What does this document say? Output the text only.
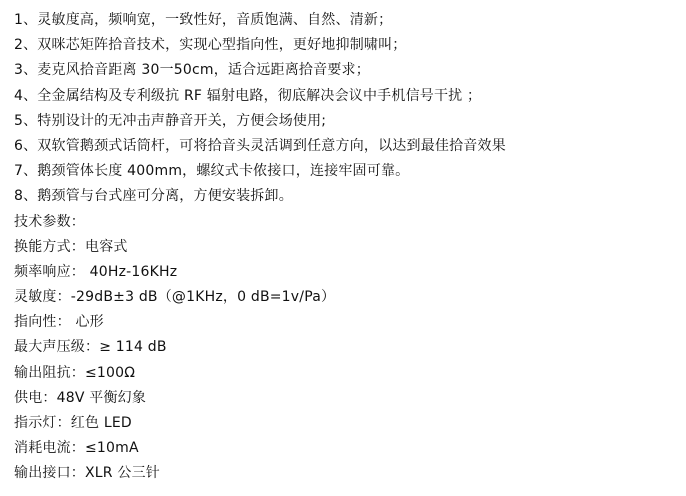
1、灵敏度高，频响宽，一致性好，音质饱满、自然、清新；
2、双咪芯矩阵拾音技术，实现心型指向性，更好地抑制啸叫；
3、麦克风拾音距离 30一50cm，适合远距离拾音要求；
4、全金属结构及专利级抗 RF 辐射电路，彻底解决会议中手机信号干扰 ；
5、特别设计的无冲击声静音开关，方便会场使用;
6、双软管鹅颈式话筒杆，可将拾音头灵活调到任意方向，以达到最佳拾音效果
7、鹅颈管体长度 400mm，螺纹式卡侬接口，连接牢固可靠。
8、鹅颈管与台式座可分离，方便安装拆卸。
技术参数：
换能方式：电容式
频率响应： 40Hz-16KHz
灵敏度：-29dB±3 dB（@1KHz，0 dB=1v/Pa）
指向性： 心形
最大声压级：≥ 114 dB
输出阻抗：≤100Ω
供电：48V 平衡幻象
指示灯：红色 LED
消耗电流：≤10mA
输出接口：XLR 公三针
